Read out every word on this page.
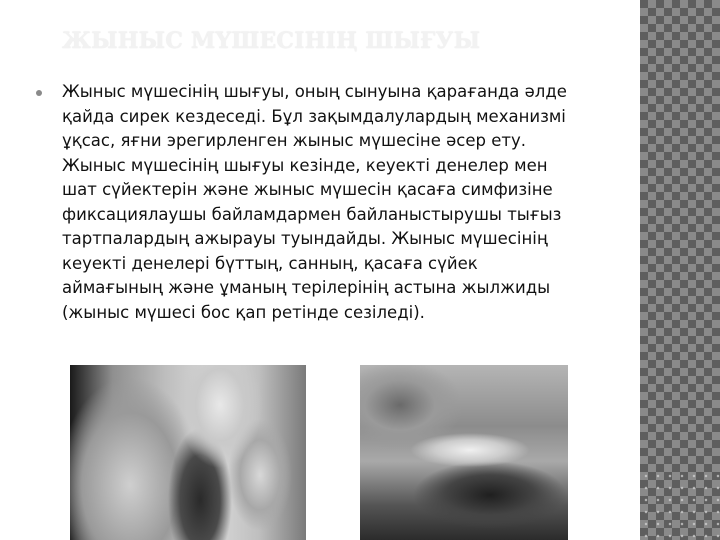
ЖЫНЫС МҮШЕСІНІҢ ШЫҒУЫ
Жыныс мүшесінің шығуы, оның сынуына қарағанда әлде қайда сирек кездеседі. Бұл зақымдалулардың механизмі ұқсас, яғни эрегирленген жыныс мүшесіне әсер ету. Жыныс мүшесінің шығуы кезінде, кеуекті денелер мен шат сүйектерін және жыныс мүшесін қасаға симфизіне фиксациялаушы байламдармен байланыстырушы тығыз тартпалардың ажырауы туындайды. Жыныс мүшесінің кеуекті денелері бүттың, санның, қасаға сүйек аймағының және ұманың терілерінің астына жылжиды (жыныс мүшесі бос қап ретінде сезіледі).
